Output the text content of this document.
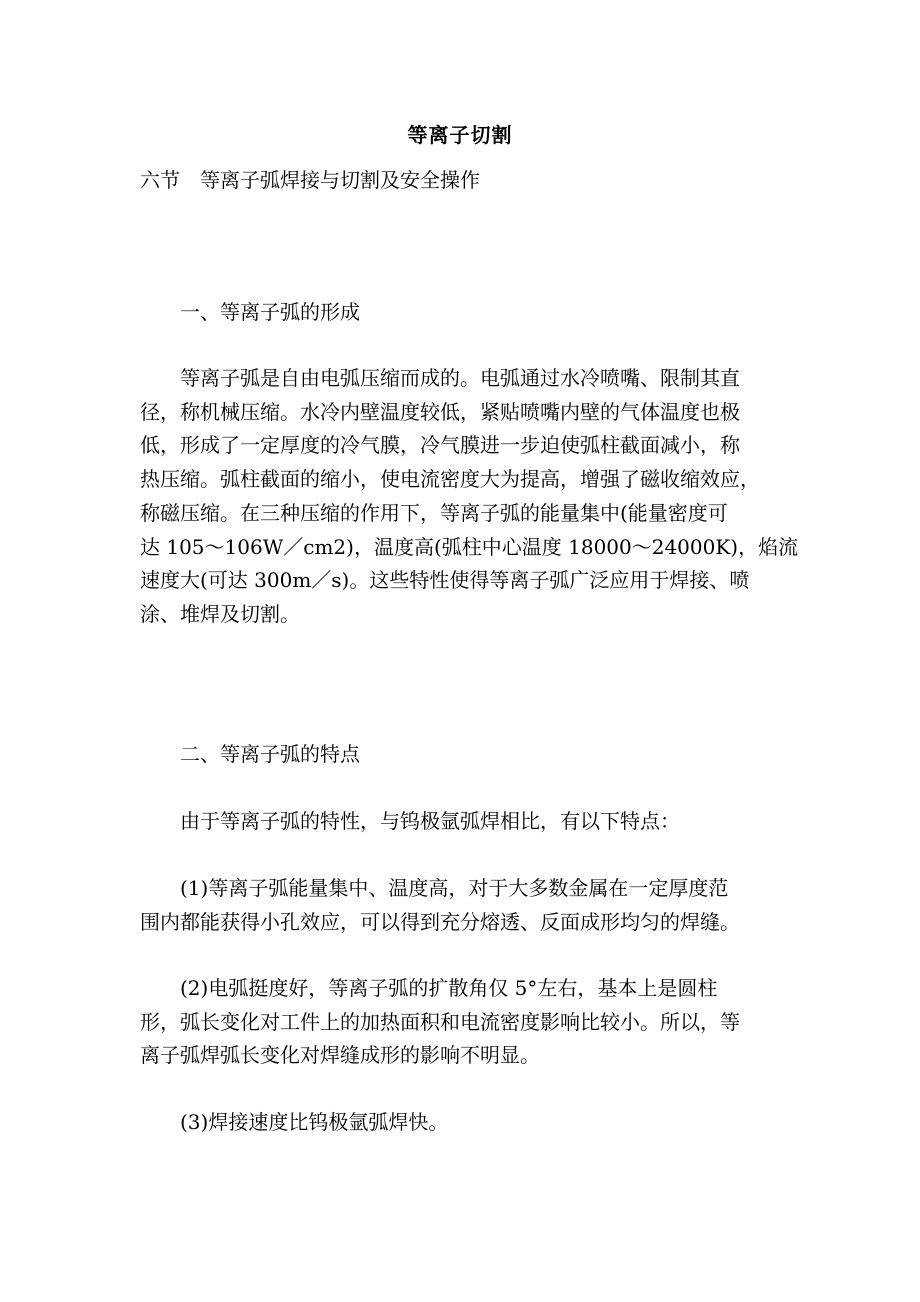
等离子切割
六节　等离子弧焊接与切割及安全操作
一、等离子弧的形成
等离子弧是自由电弧压缩而成的。电弧通过水冷喷嘴、限制其直
径，称机械压缩。水冷内壁温度较低，紧贴喷嘴内壁的气体温度也极
低，形成了一定厚度的冷气膜，冷气膜进一步迫使弧柱截面减小，称
热压缩。弧柱截面的缩小，使电流密度大为提高，增强了磁收缩效应，
称磁压缩。在三种压缩的作用下，等离子弧的能量集中(能量密度可
达 105～106W／cm2)，温度高(弧柱中心温度 18000～24000K)，焰流
速度大(可达 300m／s)。这些特性使得等离子弧广泛应用于焊接、喷
涂、堆焊及切割。
二、等离子弧的特点
由于等离子弧的特性，与钨极氩弧焊相比，有以下特点：
(1)等离子弧能量集中、温度高，对于大多数金属在一定厚度范
围内都能获得小孔效应，可以得到充分熔透、反面成形均匀的焊缝。
(2)电弧挺度好，等离子弧的扩散角仅 5°左右，基本上是圆柱
形，弧长变化对工件上的加热面积和电流密度影响比较小。所以，等
离子弧焊弧长变化对焊缝成形的影响不明显。
(3)焊接速度比钨极氩弧焊快。
